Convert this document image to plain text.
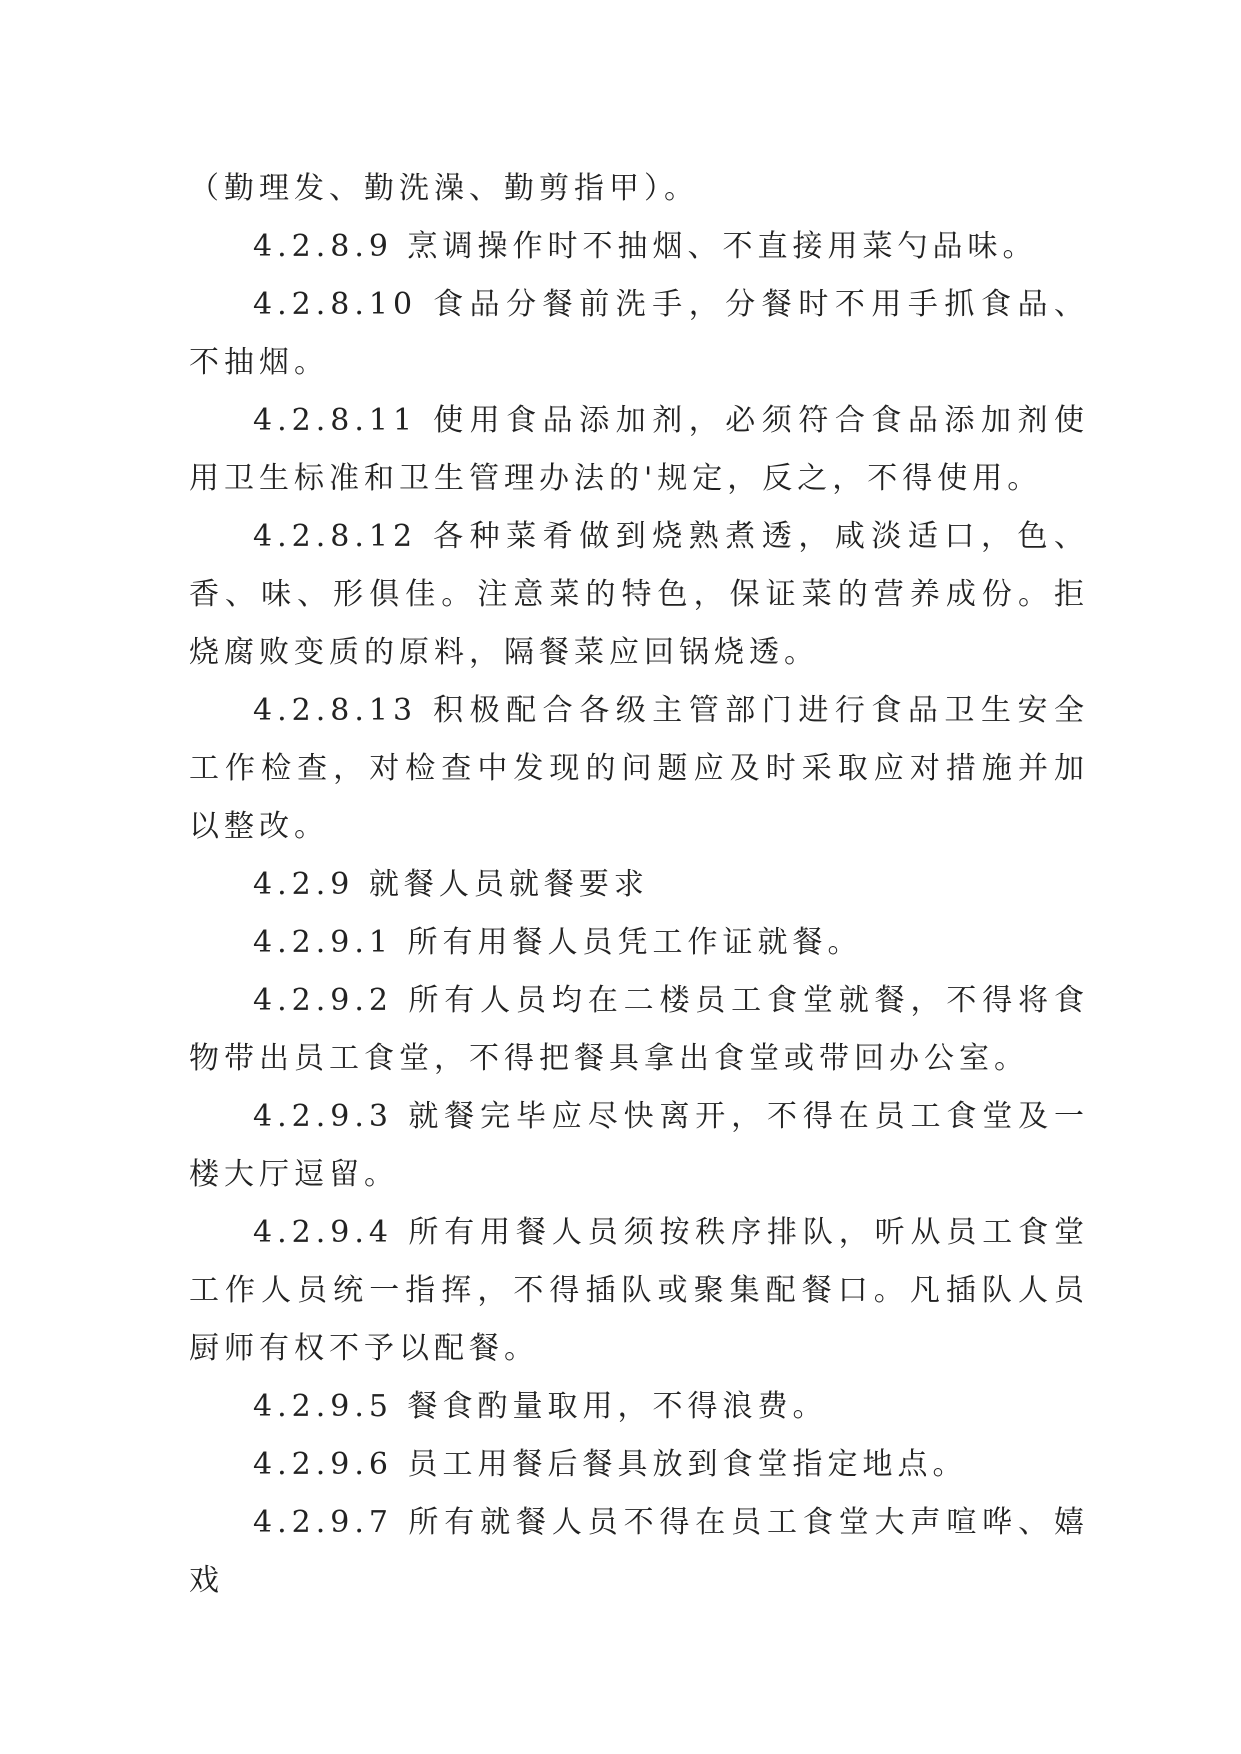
（勤理发、勤洗澡、勤剪指甲）。

4.2.8.9 烹调操作时不抽烟、不直接用菜勺品味。

4.2.8.10 食品分餐前洗手，分餐时不用手抓食品、不抽烟。

4.2.8.11 使用食品添加剂，必须符合食品添加剂使用卫生标准和卫生管理办法的'规定，反之，不得使用。

4.2.8.12 各种菜肴做到烧熟煮透，咸淡适口，色、香、味、形俱佳。注意菜的特色，保证菜的营养成份。拒烧腐败变质的原料，隔餐菜应回锅烧透。

4.2.8.13 积极配合各级主管部门进行食品卫生安全工作检查，对检查中发现的问题应及时采取应对措施并加以整改。

4.2.9 就餐人员就餐要求

4.2.9.1 所有用餐人员凭工作证就餐。

4.2.9.2 所有人员均在二楼员工食堂就餐，不得将食物带出员工食堂，不得把餐具拿出食堂或带回办公室。

4.2.9.3 就餐完毕应尽快离开，不得在员工食堂及一楼大厅逗留。

4.2.9.4 所有用餐人员须按秩序排队，听从员工食堂工作人员统一指挥，不得插队或聚集配餐口。凡插队人员厨师有权不予以配餐。

4.2.9.5 餐食酌量取用，不得浪费。

4.2.9.6 员工用餐后餐具放到食堂指定地点。

4.2.9.7 所有就餐人员不得在员工食堂大声喧哗、嬉戏
